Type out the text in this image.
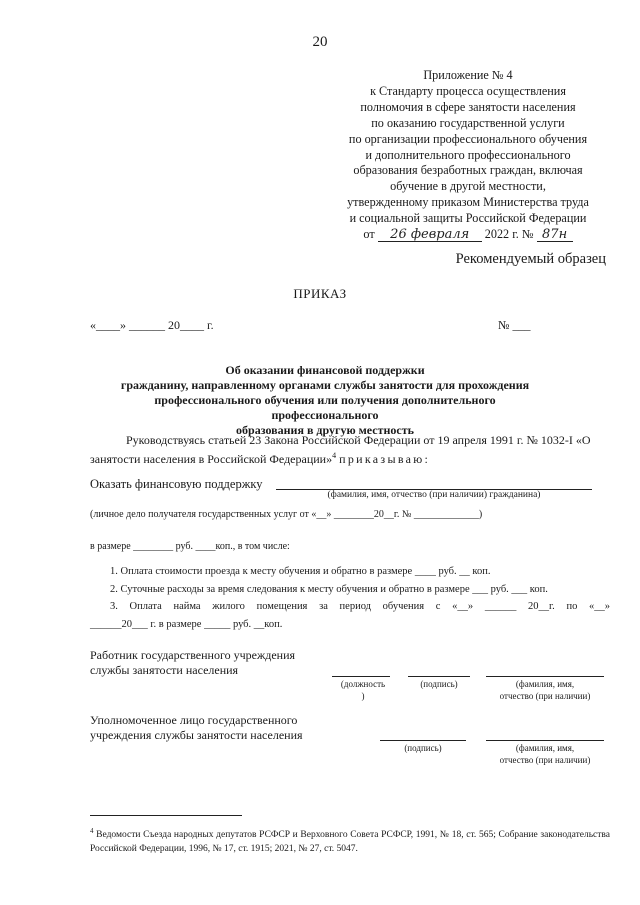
20
Приложение № 4
к Стандарту процесса осуществления
полномочия в сфере занятости населения
по оказанию государственной услуги
по организации профессионального обучения
и дополнительного профессионального
образования безработных граждан, включая
обучение в другой местности,
утвержденному приказом Министерства труда
и социальной защиты Российской Федерации
от 26 февраля 2022 г. № 87н
Рекомендуемый образец
ПРИКАЗ
«____» ______ 20____ г.	№ ___
Об оказании финансовой поддержки
гражданину, направленному органами службы занятости для прохождения
профессионального обучения или получения дополнительного профессионального
образования в другую местность
Руководствуясь статьей 23 Закона Российской Федерации от 19 апреля 1991 г. № 1032-I «О занятости населения в Российской Федерации»$^4$ приказываю:
Оказать финансовую поддержку
(фамилия, имя, отчество (при наличии) гражданина)
(личное дело получателя государственных услуг от «__» ________20__г. № _____________)
в размере ________ руб. ____коп., в том числе:
1. Оплата стоимости проезда к месту обучения и обратно в размере ____ руб. __ коп.
2. Суточные расходы за время следования к месту обучения и обратно в размере ___ руб. ___ коп.
3. Оплата найма жилого помещения за период обучения с «__» ______ 20__г. по «__»
______20___ г. в размере _____ руб. __коп.
Работник государственного учреждения
службы занятости населения
(должность
)
(подпись)	(фамилия, имя,
отчество (при наличии)
Уполномоченное лицо государственного
учреждения службы занятости населения
(подпись)	(фамилия, имя,
отчество (при наличии)
$^4$ Ведомости Съезда народных депутатов РСФСР и Верховного Совета РСФСР, 1991, № 18, ст. 565; Собрание законодательства Российской Федерации, 1996, № 17, ст. 1915; 2021, № 27, ст. 5047.
